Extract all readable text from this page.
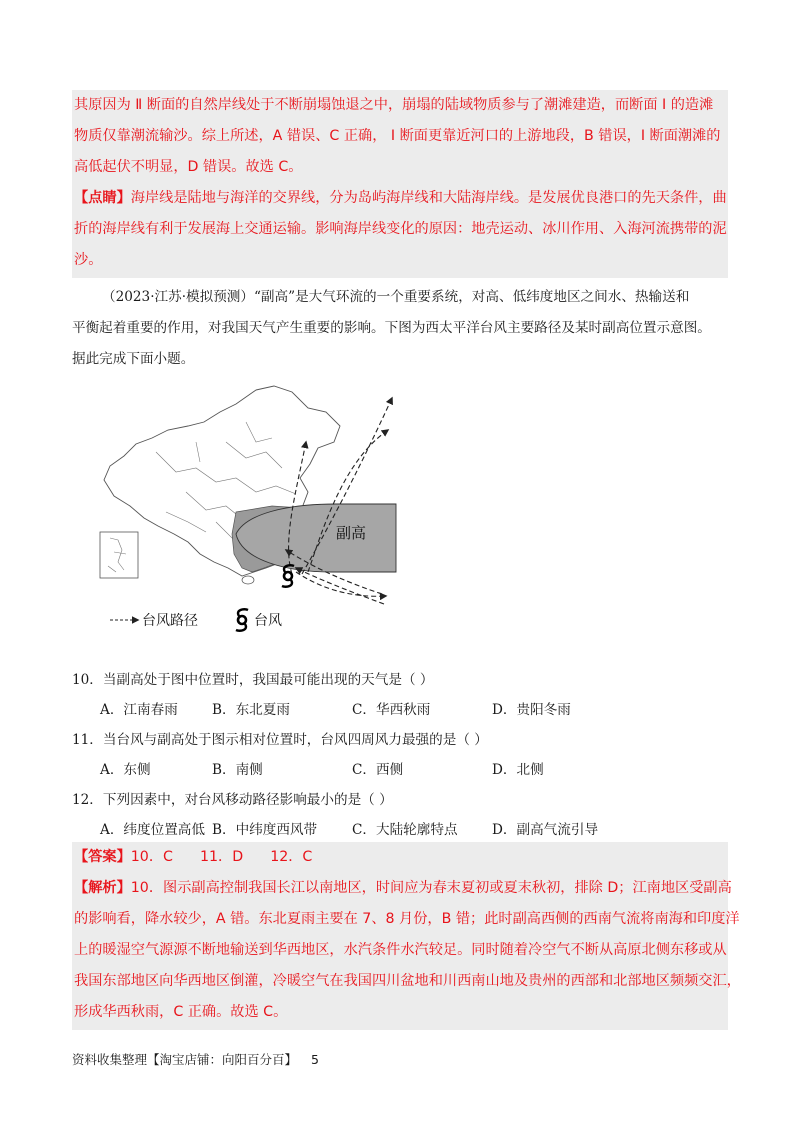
其原因为 Ⅱ 断面的自然岸线处于不断崩塌蚀退之中，崩塌的陆域物质参与了潮滩建造，而断面 Ⅰ 的造滩
物质仅靠潮流输沙。综上所述，A 错误、C 正确， Ⅰ 断面更靠近河口的上游地段，B 错误，Ⅰ 断面潮滩的
高低起伏不明显，D 错误。故选 C。
【点睛】海岸线是陆地与海洋的交界线，分为岛屿海岸线和大陆海岸线。是发展优良港口的先天条件，曲
折的海岸线有利于发展海上交通运输。影响海岸线变化的原因：地壳运动、冰川作用、入海河流携带的泥
沙。
（2023·江苏·模拟预测）“副高”是大气环流的一个重要系统，对高、低纬度地区之间水、热输送和
平衡起着重要的作用，对我国天气产生重要的影响。下图为西太平洋台风主要路径及某时副高位置示意图。
据此完成下面小题。
副高
台风路径	台风
10．当副高处于图中位置时，我国最可能出现的天气是（ ）
A．江南春雨	B．东北夏雨	C．华西秋雨	D．贵阳冬雨
11．当台风与副高处于图示相对位置时，台风四周风力最强的是（ ）
A．东侧	B．南侧	C．西侧	D．北侧
12．下列因素中，对台风移动路径影响最小的是（ ）
A．纬度位置高低 B．中纬度西风带	C．大陆轮廓特点	D．副高气流引导
【答案】10．C      11．D      12．C
【解析】10．图示副高控制我国长江以南地区，时间应为春末夏初或夏末秋初，排除 D；江南地区受副高
的影响看，降水较少，A 错。东北夏雨主要在 7、8 月份，B 错；此时副高西侧的西南气流将南海和印度洋
上的暖湿空气源源不断地输送到华西地区，水汽条件水汽较足。同时随着冷空气不断从高原北侧东移或从
我国东部地区向华西地区倒灌，冷暖空气在我国四川盆地和川西南山地及贵州的西部和北部地区频频交汇，
形成华西秋雨，C 正确。故选 C。
资料收集整理【淘宝店铺：向阳百分百】 5
